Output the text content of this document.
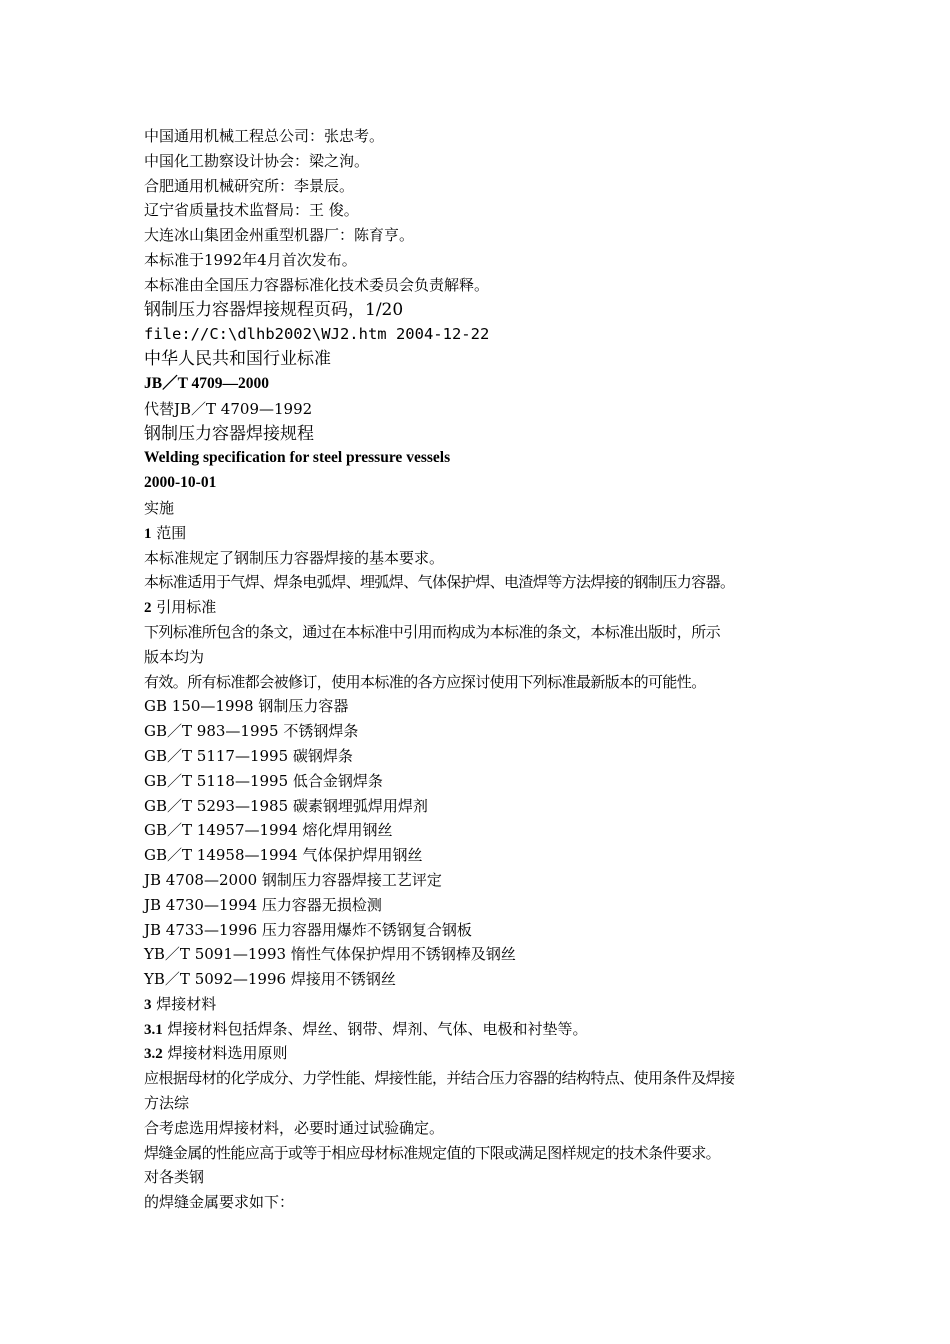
中国通用机械工程总公司：张忠考。
中国化工勘察设计协会：梁之洵。
合肥通用机械研究所：李景辰。
辽宁省质量技术监督局：王 俊。
大连冰山集团金州重型机器厂：陈育亨。
本标准于1992年4月首次发布。
本标准由全国压力容器标准化技术委员会负责解释。
钢制压力容器焊接规程页码，1/20
file://C:\dlhb2002\WJ2.htm 2004-12-22
中华人民共和国行业标准
JB／T 4709—2000
代替JB／T 4709—1992
钢制压力容器焊接规程
Welding specification for steel pressure vessels
2000-10-01
实施
1 范围
本标准规定了钢制压力容器焊接的基本要求。
本标准适用于气焊、焊条电弧焊、埋弧焊、气体保护焊、电渣焊等方法焊接的钢制压力容器。
2 引用标准
下列标准所包含的条文，通过在本标准中引用而构成为本标准的条文，本标准出版时，所示
版本均为
有效。所有标准都会被修订，使用本标准的各方应探讨使用下列标准最新版本的可能性。
GB 150—1998 钢制压力容器
GB／T 983—1995 不锈钢焊条
GB／T 5117—1995 碳钢焊条
GB／T 5118—1995 低合金钢焊条
GB／T 5293—1985 碳素钢埋弧焊用焊剂
GB／T 14957—1994 熔化焊用钢丝
GB／T 14958—1994 气体保护焊用钢丝
JB 4708—2000 钢制压力容器焊接工艺评定
JB 4730—1994 压力容器无损检测
JB 4733—1996 压力容器用爆炸不锈钢复合钢板
YB／T 5091—1993 惰性气体保护焊用不锈钢棒及钢丝
YB／T 5092—1996 焊接用不锈钢丝
3 焊接材料
3.1 焊接材料包括焊条、焊丝、钢带、焊剂、气体、电极和衬垫等。
3.2 焊接材料选用原则
应根据母材的化学成分、力学性能、焊接性能，并结合压力容器的结构特点、使用条件及焊接
方法综
合考虑选用焊接材料，必要时通过试验确定。
焊缝金属的性能应高于或等于相应母材标准规定值的下限或满足图样规定的技术条件要求。
对各类钢
的焊缝金属要求如下：
